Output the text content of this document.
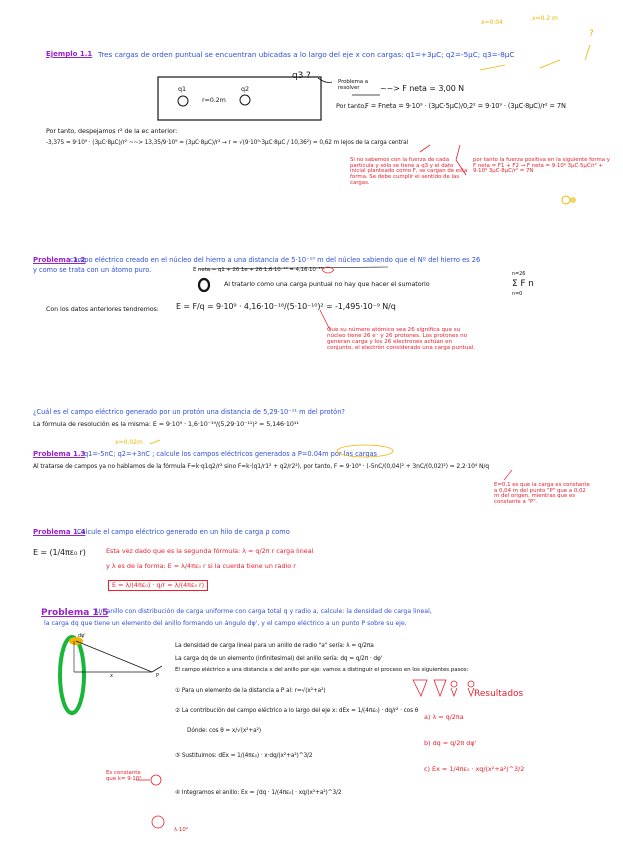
Ejemplo 1.1 Tres cargas de orden puntual se encuentran ubicadas a lo largo del eje x con cargas: q1=+3μC; q2=-5μC; q3=-8μC
x=0.04
x=0.2 m
?
q1	q2
r=0.2m
q3 ?
Problema a resolver	~~> F neta = 3,00 N
Por tanto,
F = Fneta = 9·10⁹ · (3μC·5μC)/0,2² = 9·10⁹ · (3μC·8μC)/r² = 7N
Por tanto, despejamos r² de la ec anterior:
-3,375 = 9·10⁹ · (3μC·8μC)/r² ~~> 13,35/9·10⁹ = (3μC·8μC)/r² → r = √(9·10⁹·3μC·8μC / 10,36²) = 0,62 m lejos de la carga central
Si no sabemos con la fuerza de cada partícula y sólo se tiene a q3 y el dato inicial planteado como F, se cargan de esta forma. Se debe cumplir el sentido de las cargas.
por tanto la fuerza positiva en la siguiente forma y F neta = F1 + F2 → F neta = 9·10⁹ 3μC·5μC/r² + 9·10⁹ 3μC·8μC/r² = 7N
Problema 1.2
campo eléctrico creado en el núcleo del hierro a una distancia de 5·10⁻¹⁰ m del núcleo sabiendo que el Nº del hierro es 26
y como se trata con un átomo puro.	E neta = q1 + 26 1e + 26 1,6·10⁻¹⁹ = 4,16·10⁻¹⁸
n=26
Σ F n
n=0
Al tratarlo como una carga puntual no hay que hacer el sumatorio
Con los datos anteriores tendremos: E = F/q = 9·10⁹ · 4,16·10⁻¹⁸/(5·10⁻¹⁰)² = -1,495·10⁻⁹ N/q
Que su número atómico sea 26 significa que su núcleo tiene 26 e⁻ y 26 protones. Los protones no generan carga y los 26 electrones actúan en conjunto, el electrón considerado una carga puntual.
¿Cuál es el campo eléctrico generado por un protón una distancia de 5,29·10⁻¹¹ m del protón?
La fórmula de resolución es la misma: E = 9·10⁹ · 1,6·10⁻¹⁹/(5,29·10⁻¹¹)² = 5,146·10¹¹
x=0.02m
Problema 1.3
q1=-5nC; q2=+3nC ; calcule los campos eléctricos generados a P=0.04m por las cargas
Al tratarse de campos ya no hablamos de la fórmula F=k·q1q2/r² sino F=k·(q1/r1² + q2/r2²), por tanto, F = 9·10⁹ · (-5nC/(0,04)² + 3nC/(0,02)²) = 2,2·10⁴ N/q
E=0,1 es que la carga es constante a 0,04 m del punto "P" que a 0,02 m del origen, mientras que es constante a "P".
Problema 1.4
Calcule el campo eléctrico generado en un hilo de carga ρ como
E = (1/4πε₀ r)	Esta vez dado que es la segunda fórmula: λ = q/2π r carga lineal
y λ es de la forma: E = λ/4πε₀ r si la cuerda tiene un radio r
E = λ/(4πε₀) · q/r = λ/(4πε₀ r)
Problema 1.5
Un anillo con distribución de carga uniforme con carga total q y radio a, calcule: la densidad de carga lineal,
la carga dq que tiene un elemento del anillo formando un ángulo dφ', y el campo eléctrico a un punto P sobre su eje.
dφ'
x	P
La densidad de carga lineal para un anillo de radio "a" sería: λ = q/2πa
La carga dq de un elemento (infinitesimal) del anillo sería: dq = q/2π · dφ'
El campo eléctrico a una distancia x del anillo por eje: vamos a distinguir el proceso en los siguientes pasos:
① Para un elemento de la distancia a P al: r=√(x²+a²)
② La contribución del campo eléctrico a lo largo del eje x: dEx = 1/(4πε₀) · dq/r² · cos θ
Dónde: cos θ = x/√(x²+a²)
③ Sustituimos: dEx = 1/(4πε₀) · x·dq/(x²+a²)^3/2
④ Integramos el anillo: Ex = ∫dq · 1/(4πε₀) · xq/(x²+a²)^3/2
λ·10⁹
Es constante que k= 9·10⁹
Resultados
a) λ = q/2πa
b) dq = q/2π dφ'
c) Ex = 1/4πε₀ · xq/(x²+a²)^3/2
